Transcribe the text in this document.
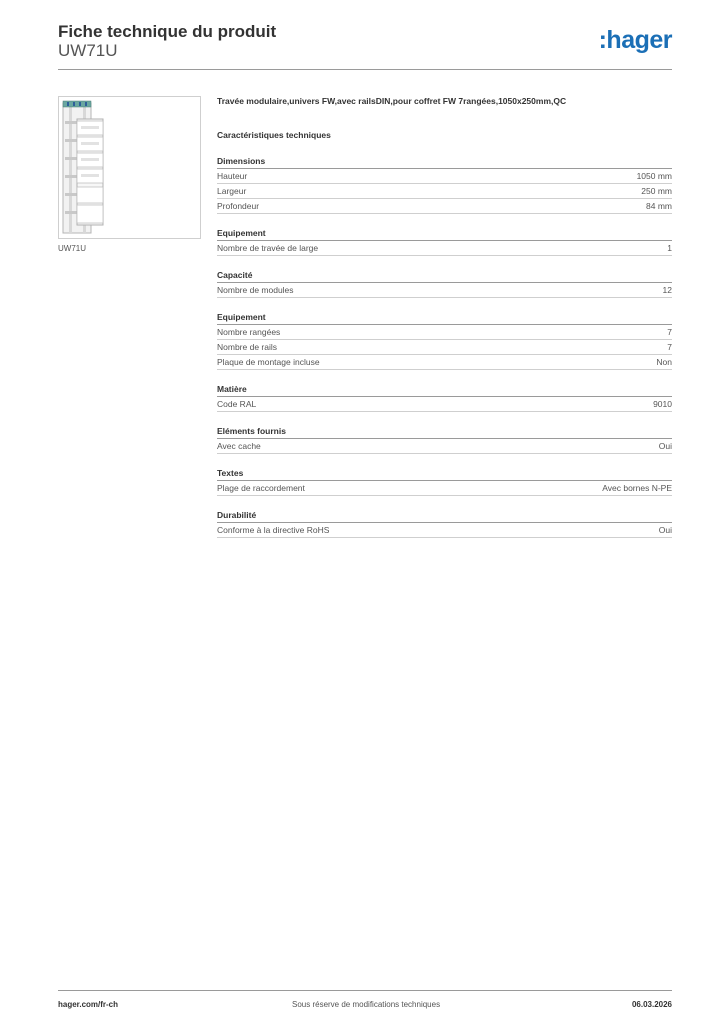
Fiche technique du produit
UW71U	:hager
UW71U
Travée modulaire,univers FW,avec railsDIN,pour coffret FW 7rangées,1050x250mm,QC
Caractéristiques techniques
Dimensions
Hauteur	1050 mm
Largeur	250 mm
Profondeur	84 mm
Equipement
Nombre de travée de large	1
Capacité
Nombre de modules	12
Equipement
Nombre rangées	7
Nombre de rails	7
Plaque de montage incluse	Non
Matière
Code RAL	9010
Eléments fournis
Avec cache	Oui
Textes
Plage de raccordement	Avec bornes N-PE
Durabilité
Conforme à la directive RoHS	Oui
hager.com/fr-ch	Sous réserve de modifications techniques	06.03.2026
